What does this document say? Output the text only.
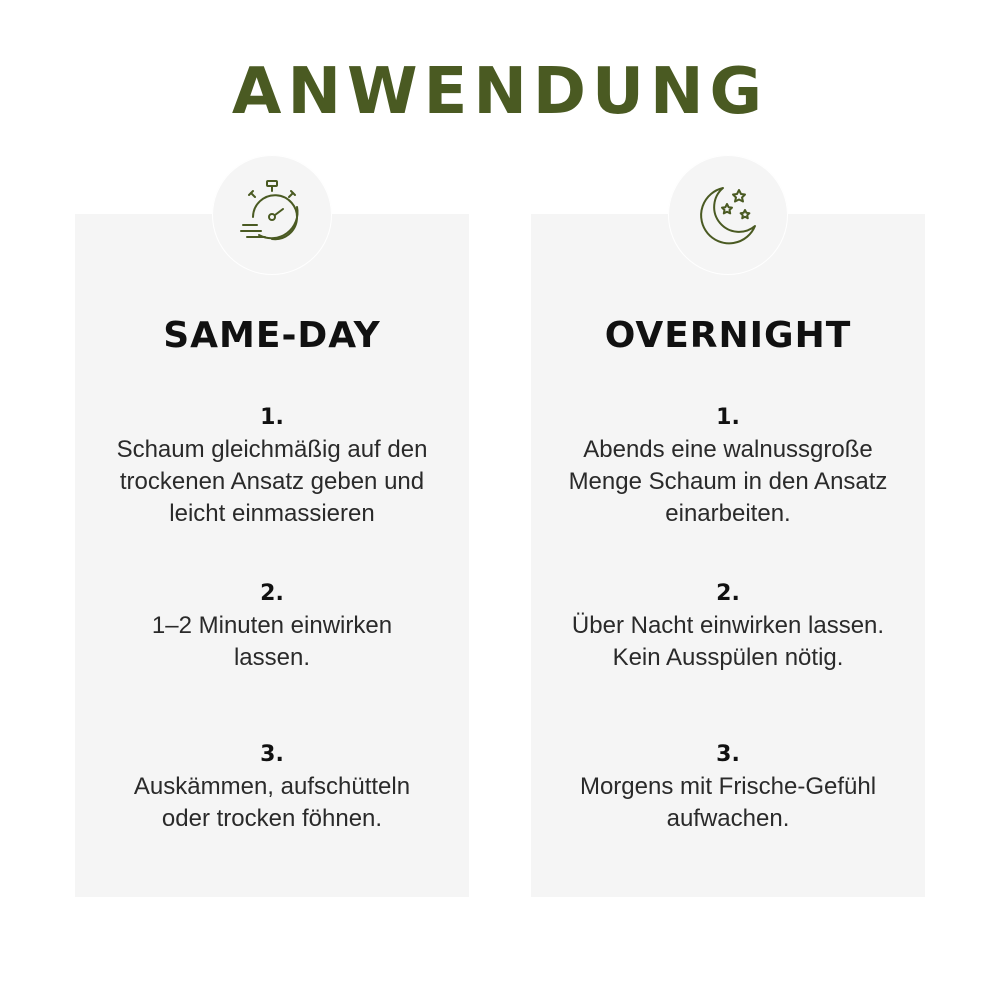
ANWENDUNG
SAME-DAY
1.
Schaum gleichmäßig auf den
trockenen Ansatz geben und
leicht einmassieren
2.
1–2 Minuten einwirken
lassen.
3.
Auskämmen, aufschütteln
oder trocken föhnen.
OVERNIGHT
1.
Abends eine walnussgroße
Menge Schaum in den Ansatz
einarbeiten.
2.
Über Nacht einwirken lassen.
Kein Ausspülen nötig.
3.
Morgens mit Frische-Gefühl
aufwachen.
